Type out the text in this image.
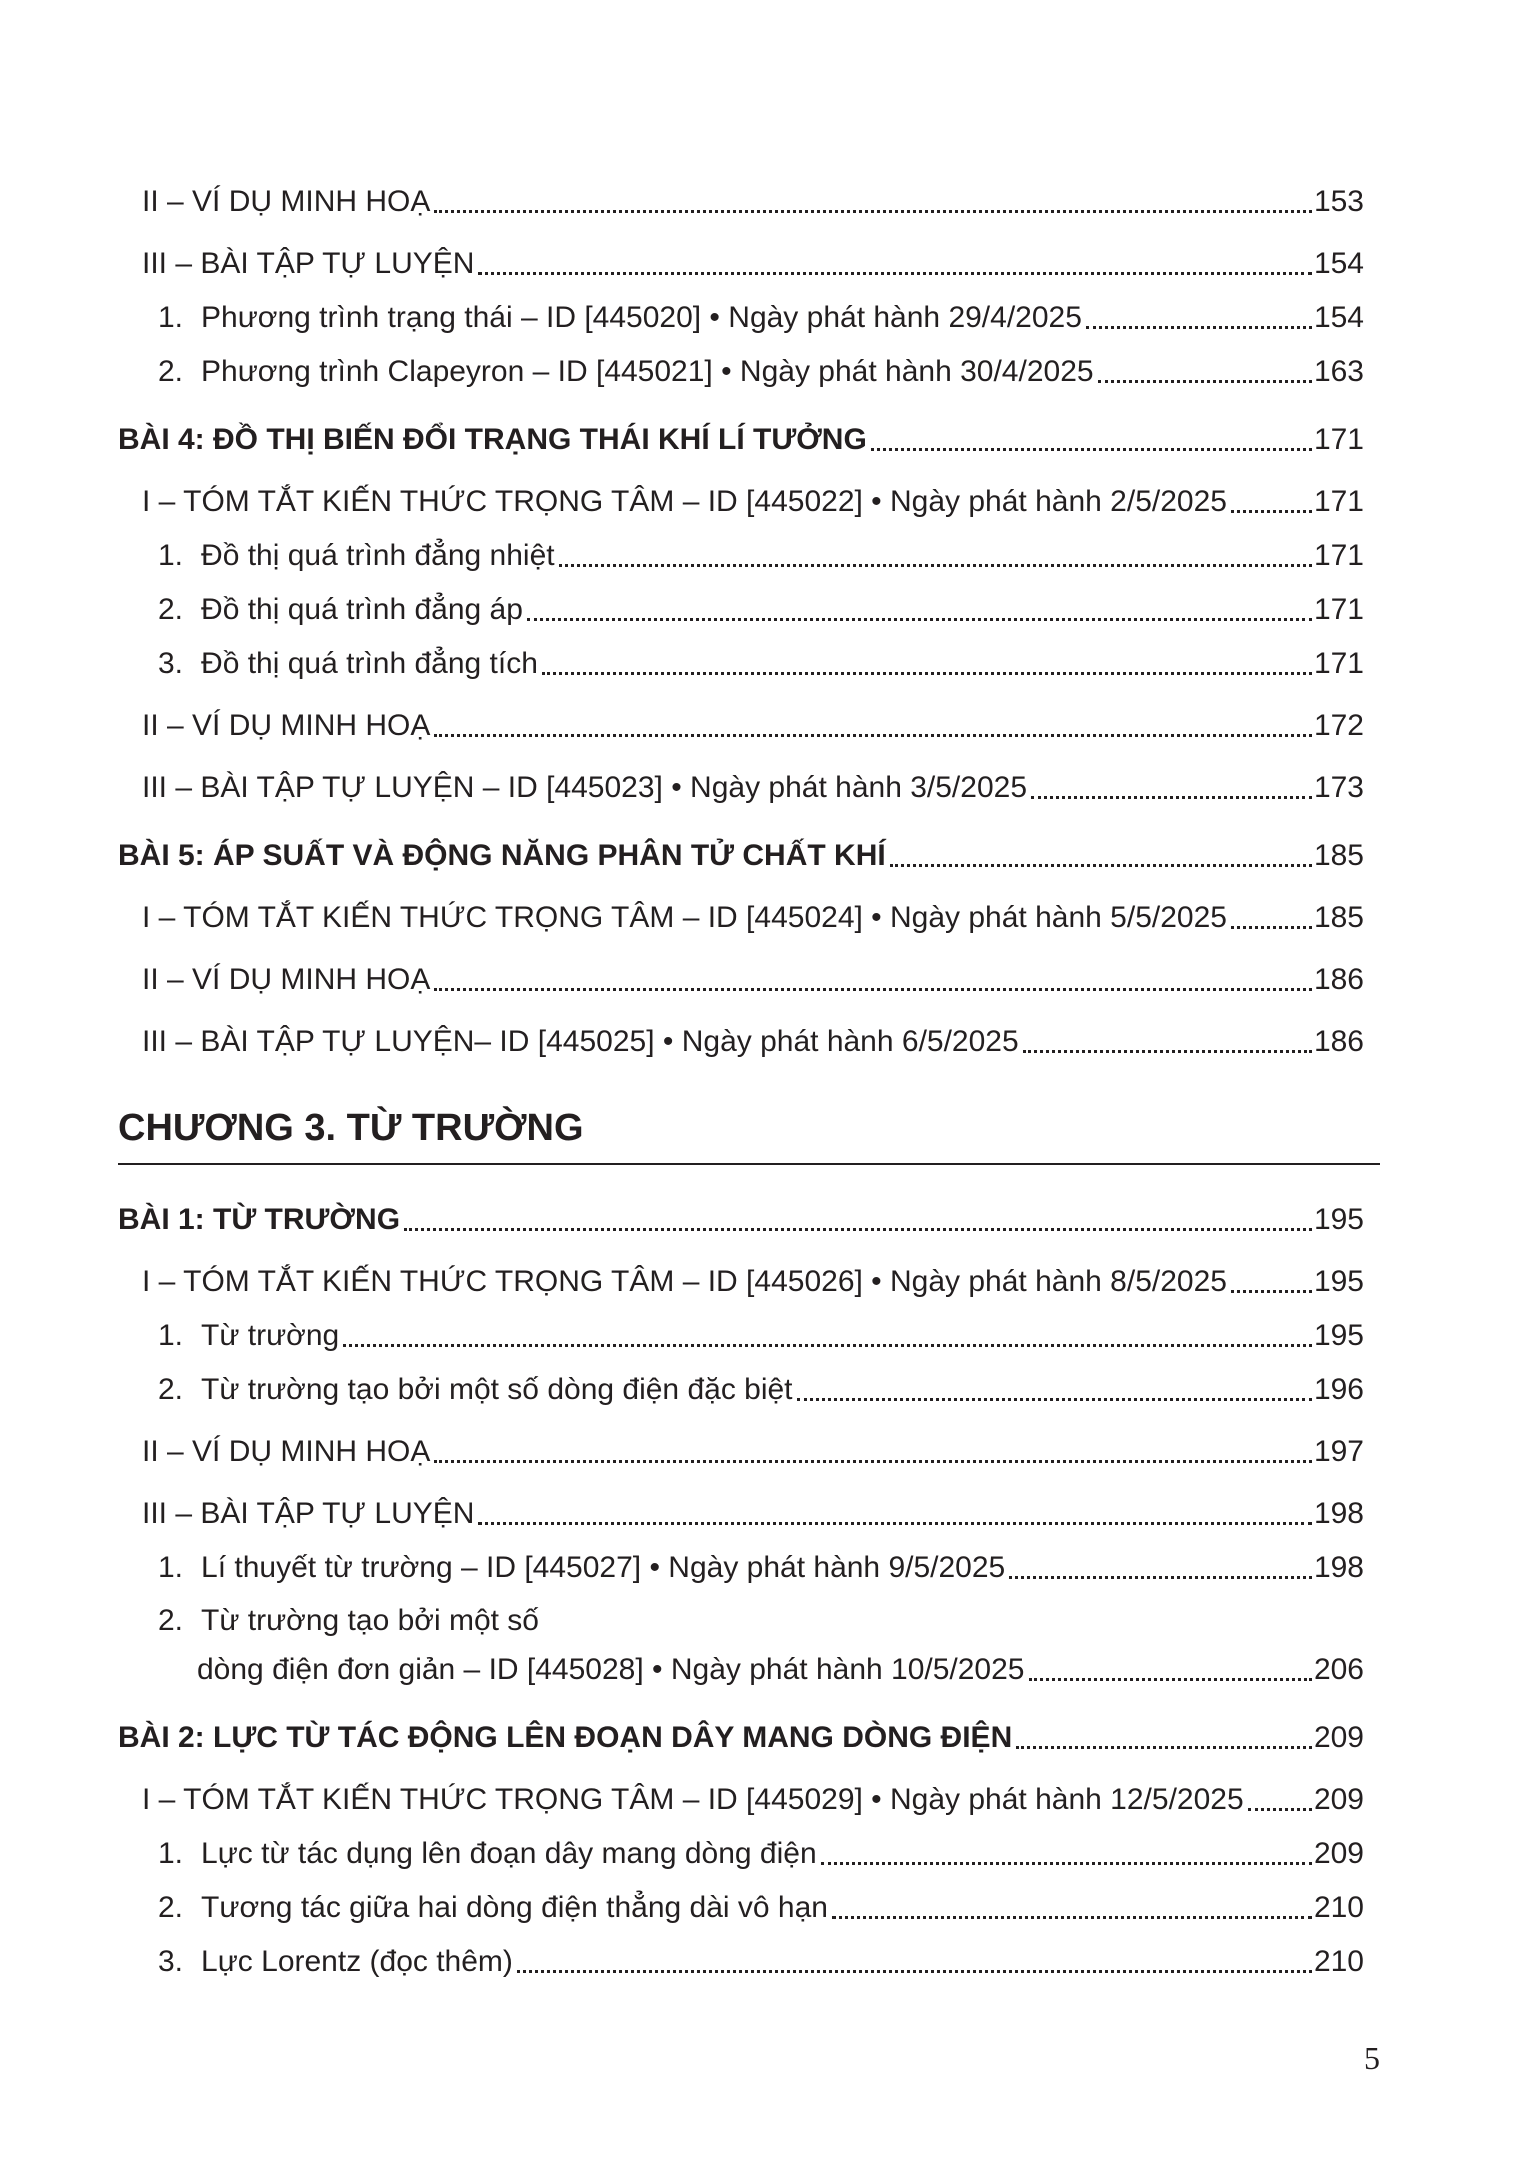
II – VÍ DỤ MINH HOẠ	153
III – BÀI TẬP TỰ LUYỆN	154
1. Phương trình trạng thái – ID [445020] • Ngày phát hành 29/4/2025	154
2. Phương trình Clapeyron – ID [445021] • Ngày phát hành 30/4/2025	163
BÀI 4: ĐỒ THỊ BIẾN ĐỔI TRẠNG THÁI KHÍ LÍ TƯỞNG	171
I – TÓM TẮT KIẾN THỨC TRỌNG TÂM – ID [445022] • Ngày phát hành 2/5/2025	171
1. Đồ thị quá trình đẳng nhiệt	171
2. Đồ thị quá trình đẳng áp	171
3. Đồ thị quá trình đẳng tích	171
II – VÍ DỤ MINH HOẠ	172
III – BÀI TẬP TỰ LUYỆN – ID [445023] • Ngày phát hành 3/5/2025	173
BÀI 5: ÁP SUẤT VÀ ĐỘNG NĂNG PHÂN TỬ CHẤT KHÍ	185
I – TÓM TẮT KIẾN THỨC TRỌNG TÂM – ID [445024] • Ngày phát hành 5/5/2025	185
II – VÍ DỤ MINH HOẠ	186
III – BÀI TẬP TỰ LUYỆN– ID [445025] • Ngày phát hành 6/5/2025	186
CHƯƠNG 3. TỪ TRƯỜNG
BÀI 1: TỪ TRƯỜNG	195
I – TÓM TẮT KIẾN THỨC TRỌNG TÂM – ID [445026] • Ngày phát hành 8/5/2025	195
1. Từ trường	195
2. Từ trường tạo bởi một số dòng điện đặc biệt	196
II – VÍ DỤ MINH HOẠ	197
III – BÀI TẬP TỰ LUYỆN	198
1. Lí thuyết từ trường – ID [445027] • Ngày phát hành 9/5/2025	198
2. Từ trường tạo bởi một số
dòng điện đơn giản – ID [445028] • Ngày phát hành 10/5/2025	206
BÀI 2: LỰC TỪ TÁC ĐỘNG LÊN ĐOẠN DÂY MANG DÒNG ĐIỆN	209
I – TÓM TẮT KIẾN THỨC TRỌNG TÂM – ID [445029] • Ngày phát hành 12/5/2025 209
1. Lực từ tác dụng lên đoạn dây mang dòng điện	209
2. Tương tác giữa hai dòng điện thẳng dài vô hạn	210
3. Lực Lorentz (đọc thêm)	210
5
